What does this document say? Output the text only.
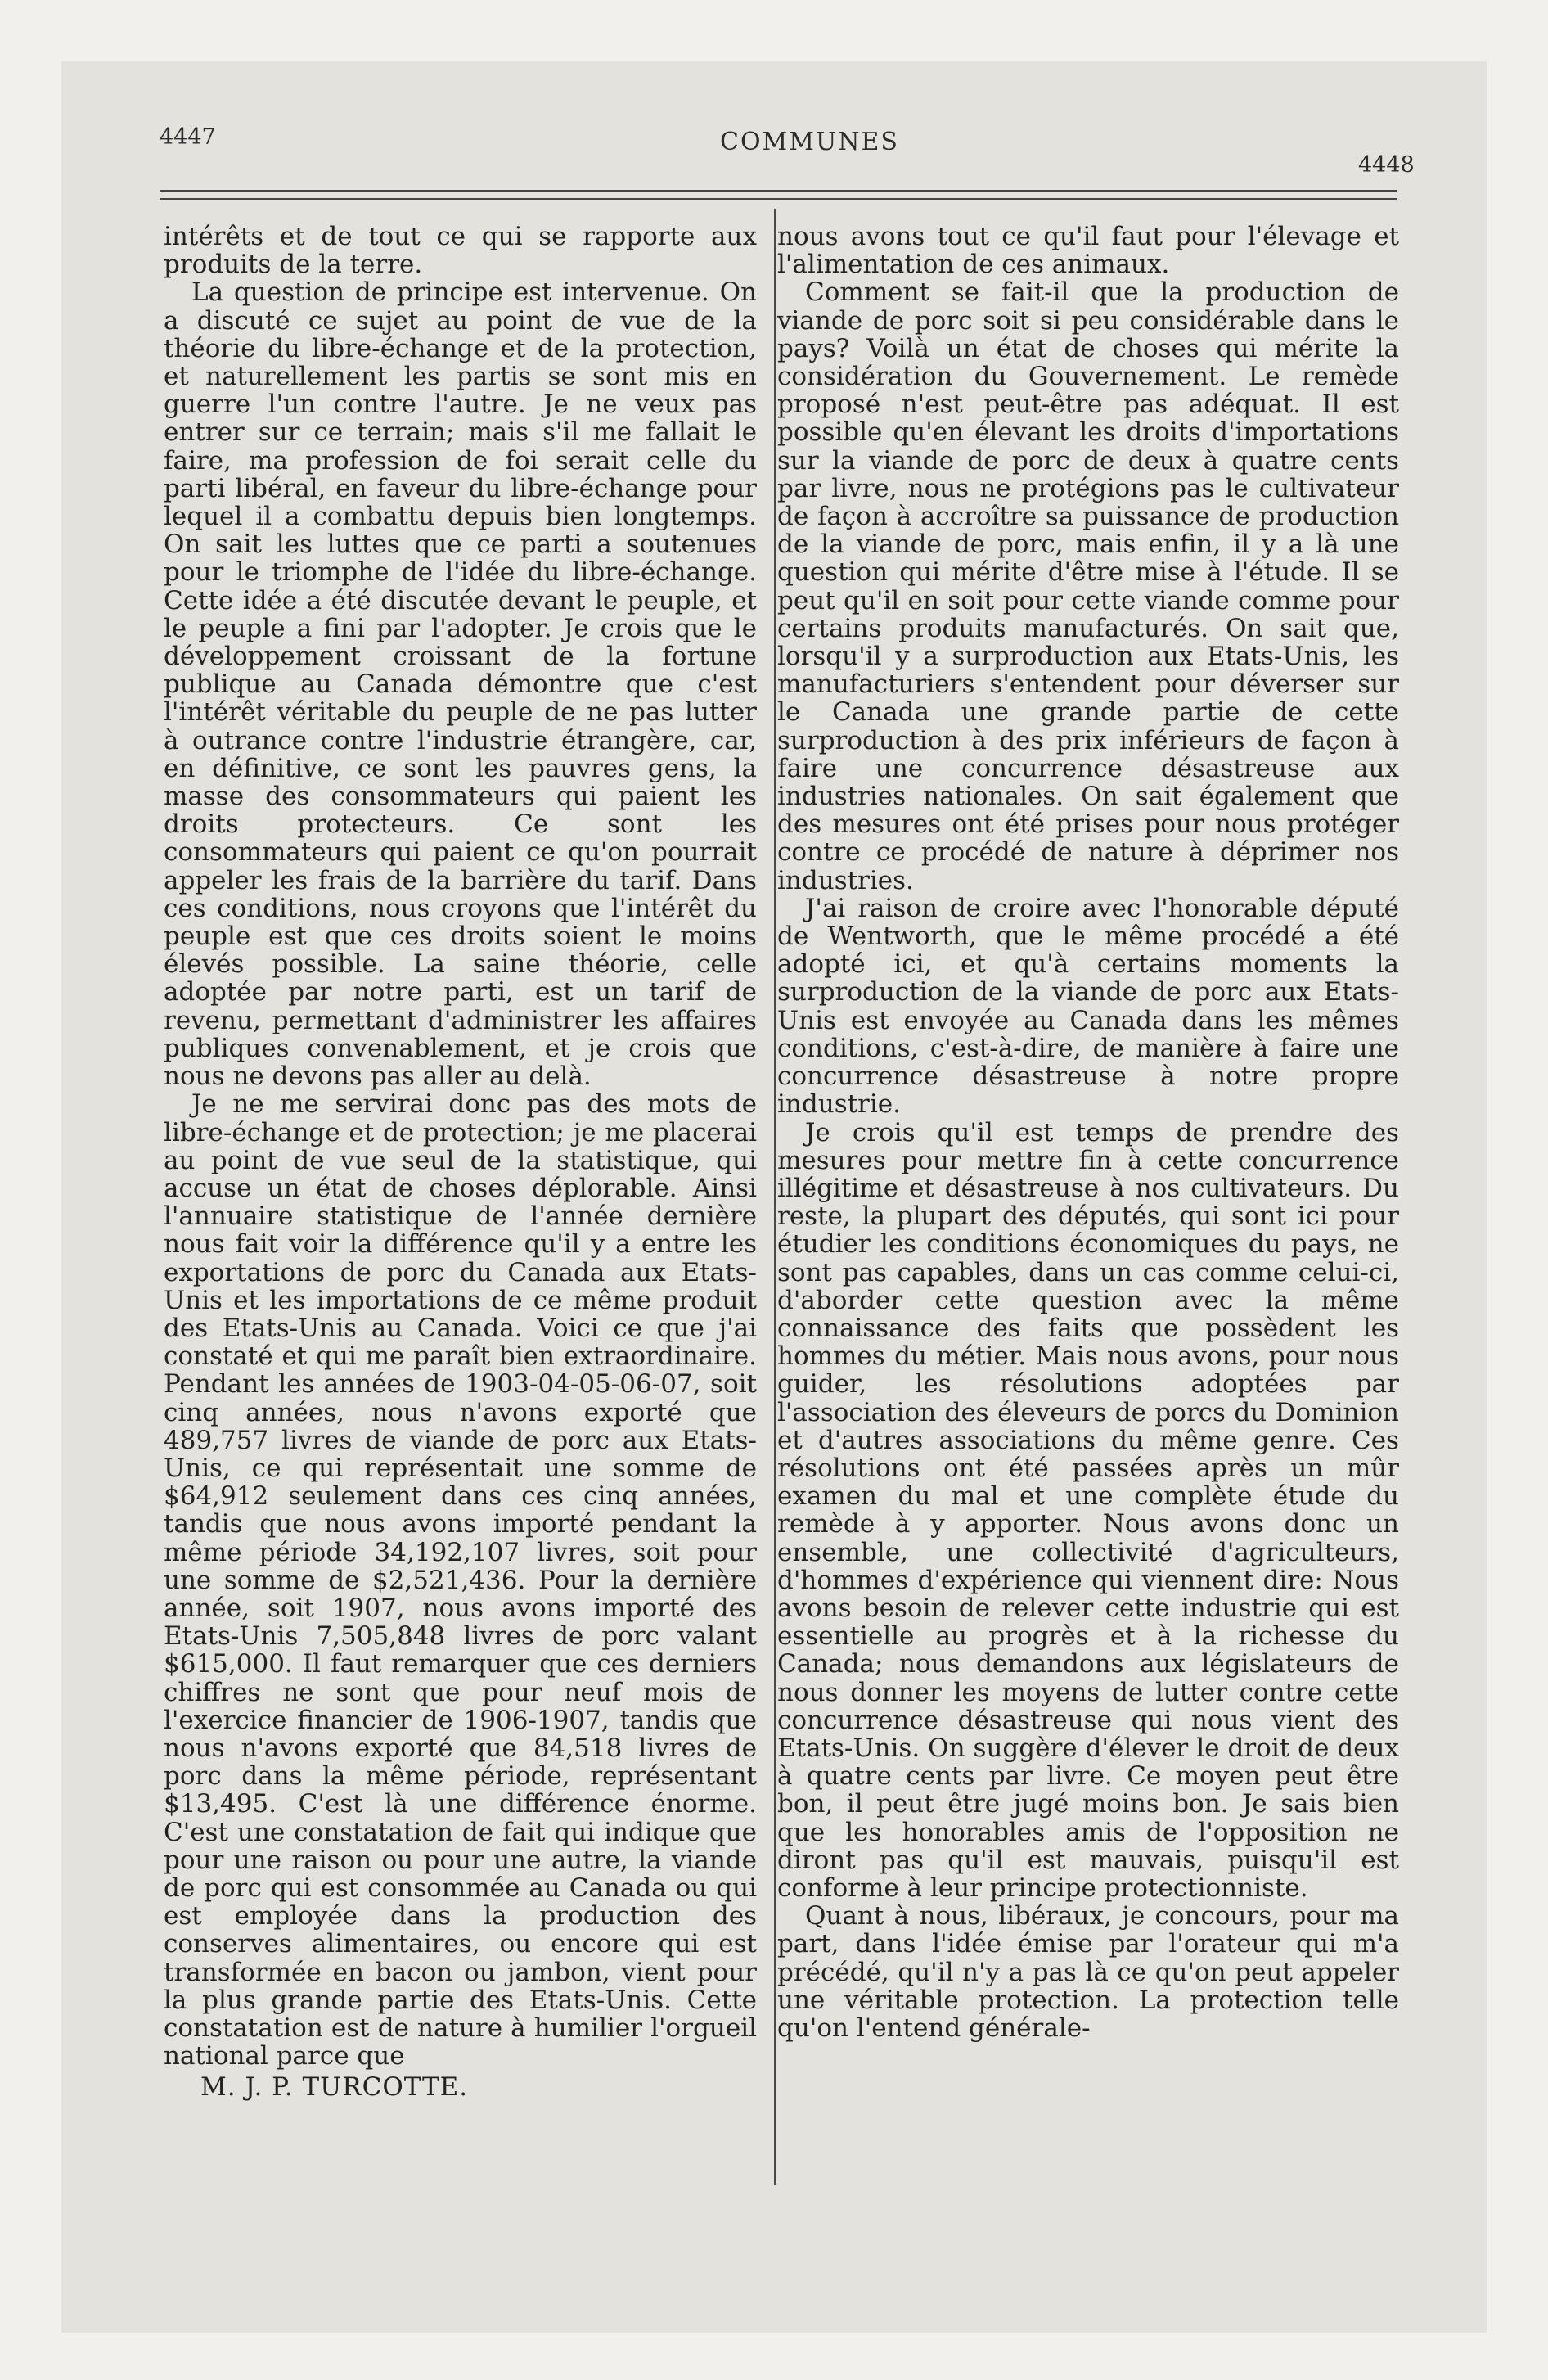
4447	COMMUNES
4448

intérêts et de tout ce qui se rapporte aux produits de la terre.

La question de principe est intervenue. On a discuté ce sujet au point de vue de la théorie du libre-échange et de la protection, et naturellement les partis se sont mis en guerre l'un contre l'autre. Je ne veux pas entrer sur ce terrain; mais s'il me fallait le faire, ma profession de foi serait celle du parti libéral, en faveur du libre-échange pour lequel il a combattu depuis bien longtemps. On sait les luttes que ce parti a soutenues pour le triomphe de l'idée du libre-échange. Cette idée a été discutée devant le peuple, et le peuple a fini par l'adopter. Je crois que le développement croissant de la fortune publique au Canada démontre que c'est l'intérêt véritable du peuple de ne pas lutter à outrance contre l'industrie étrangère, car, en définitive, ce sont les pauvres gens, la masse des consommateurs qui paient les droits protecteurs. Ce sont les consommateurs qui paient ce qu'on pourrait appeler les frais de la barrière du tarif. Dans ces conditions, nous croyons que l'intérêt du peuple est que ces droits soient le moins élevés possible. La saine théorie, celle adoptée par notre parti, est un tarif de revenu, permettant d'administrer les affaires publiques convenablement, et je crois que nous ne devons pas aller au delà.

Je ne me servirai donc pas des mots de libre-échange et de protection; je me placerai au point de vue seul de la statistique, qui accuse un état de choses déplorable. Ainsi l'annuaire statistique de l'année dernière nous fait voir la différence qu'il y a entre les exportations de porc du Canada aux Etats-Unis et les importations de ce même produit des Etats-Unis au Canada. Voici ce que j'ai constaté et qui me paraît bien extraordinaire. Pendant les années de 1903-04-05-06-07, soit cinq années, nous n'avons exporté que 489,757 livres de viande de porc aux Etats-Unis, ce qui représentait une somme de $64,912 seulement dans ces cinq années, tandis que nous avons importé pendant la même période 34,192,107 livres, soit pour une somme de $2,521,436. Pour la dernière année, soit 1907, nous avons importé des Etats-Unis 7,505,848 livres de porc valant $615,000. Il faut remarquer que ces derniers chiffres ne sont que pour neuf mois de l'exercice financier de 1906-1907, tandis que nous n'avons exporté que 84,518 livres de porc dans la même période, représentant $13,495. C'est là une différence énorme. C'est une constatation de fait qui indique que pour une raison ou pour une autre, la viande de porc qui est consommée au Canada ou qui est employée dans la production des conserves alimentaires, ou encore qui est transformée en bacon ou jambon, vient pour la plus grande partie des Etats-Unis. Cette constatation est de nature à humilier l'orgueil national parce que

M. J. P. TURCOTTE.

nous avons tout ce qu'il faut pour l'élevage et l'alimentation de ces animaux.

Comment se fait-il que la production de viande de porc soit si peu considérable dans le pays? Voilà un état de choses qui mérite la considération du Gouvernement. Le remède proposé n'est peut-être pas adéquat. Il est possible qu'en élevant les droits d'importations sur la viande de porc de deux à quatre cents par livre, nous ne protégions pas le cultivateur de façon à accroître sa puissance de production de la viande de porc, mais enfin, il y a là une question qui mérite d'être mise à l'étude. Il se peut qu'il en soit pour cette viande comme pour certains produits manufacturés. On sait que, lorsqu'il y a surproduction aux Etats-Unis, les manufacturiers s'entendent pour déverser sur le Canada une grande partie de cette surproduction à des prix inférieurs de façon à faire une concurrence désastreuse aux industries nationales. On sait également que des mesures ont été prises pour nous protéger contre ce procédé de nature à déprimer nos industries.

J'ai raison de croire avec l'honorable député de Wentworth, que le même procédé a été adopté ici, et qu'à certains moments la surproduction de la viande de porc aux Etats-Unis est envoyée au Canada dans les mêmes conditions, c'est-à-dire, de manière à faire une concurrence désastreuse à notre propre industrie.

Je crois qu'il est temps de prendre des mesures pour mettre fin à cette concurrence illégitime et désastreuse à nos cultivateurs. Du reste, la plupart des députés, qui sont ici pour étudier les conditions économiques du pays, ne sont pas capables, dans un cas comme celui-ci, d'aborder cette question avec la même connaissance des faits que possèdent les hommes du métier. Mais nous avons, pour nous guider, les résolutions adoptées par l'association des éleveurs de porcs du Dominion et d'autres associations du même genre. Ces résolutions ont été passées après un mûr examen du mal et une complète étude du remède à y apporter. Nous avons donc un ensemble, une collectivité d'agriculteurs, d'hommes d'expérience qui viennent dire: Nous avons besoin de relever cette industrie qui est essentielle au progrès et à la richesse du Canada; nous demandons aux législateurs de nous donner les moyens de lutter contre cette concurrence désastreuse qui nous vient des Etats-Unis. On suggère d'élever le droit de deux à quatre cents par livre. Ce moyen peut être bon, il peut être jugé moins bon. Je sais bien que les honorables amis de l'opposition ne diront pas qu'il est mauvais, puisqu'il est conforme à leur principe protectionniste.

Quant à nous, libéraux, je concours, pour ma part, dans l'idée émise par l'orateur qui m'a précédé, qu'il n'y a pas là ce qu'on peut appeler une véritable protection. La protection telle qu'on l'entend générale-
